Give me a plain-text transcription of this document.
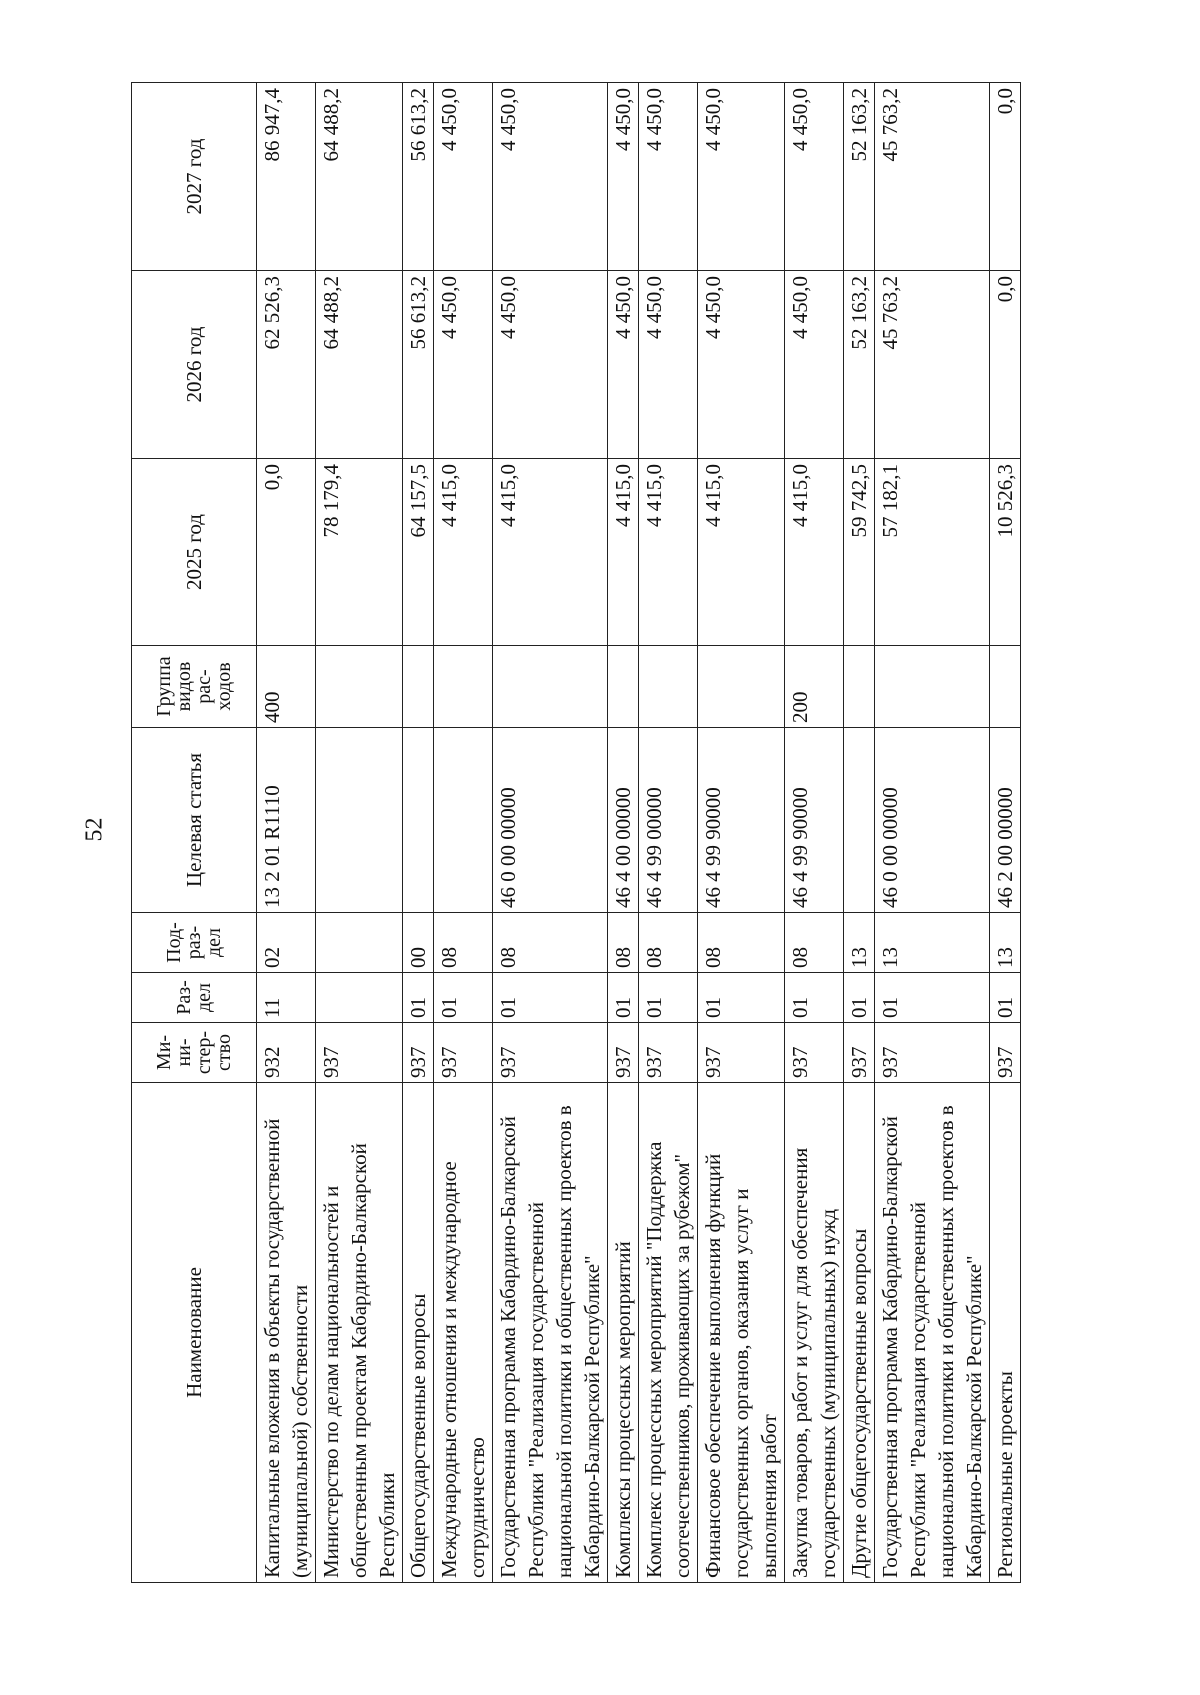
52
Наименование	Ми-ни-стер-ство	Раз-дел	Под-раз-дел	Целевая статья	Группа видов рас-ходов	2025 год	2026 год	2027 год
Капитальные вложения в объекты государственной (муниципальной) собственности	932	11	02	13 2 01 R1110	400	0,0	62 526,3	86 947,4
Министерство по делам национальностей и общественным проектам Кабардино-Балкарской Республики	937					78 179,4	64 488,2	64 488,2
Общегосударственные вопросы	937	01	00			64 157,5	56 613,2	56 613,2
Международные отношения и международное сотрудничество	937	01	08			4 415,0	4 450,0	4 450,0
Государственная программа Кабардино-Балкарской Республики "Реализация государственной национальной политики и общественных проектов в Кабардино-Балкарской Республике"	937	01	08	46 0 00 00000		4 415,0	4 450,0	4 450,0
Комплексы процессных мероприятий	937	01	08	46 4 00 00000		4 415,0	4 450,0	4 450,0
Комплекс процессных мероприятий "Поддержка соотечественников, проживающих за рубежом"	937	01	08	46 4 99 00000		4 415,0	4 450,0	4 450,0
Финансовое обеспечение выполнения функций государственных органов, оказания услуг и выполнения работ	937	01	08	46 4 99 90000		4 415,0	4 450,0	4 450,0
Закупка товаров, работ и услуг для обеспечения государственных (муниципальных) нужд	937	01	08	46 4 99 90000	200	4 415,0	4 450,0	4 450,0
Другие общегосударственные вопросы	937	01	13			59 742,5	52 163,2	52 163,2
Государственная программа Кабардино-Балкарской Республики "Реализация государственной национальной политики и общественных проектов в Кабардино-Балкарской Республике"	937	01	13	46 0 00 00000		57 182,1	45 763,2	45 763,2
Региональные проекты	937	01	13	46 2 00 00000		10 526,3	0,0	0,0
